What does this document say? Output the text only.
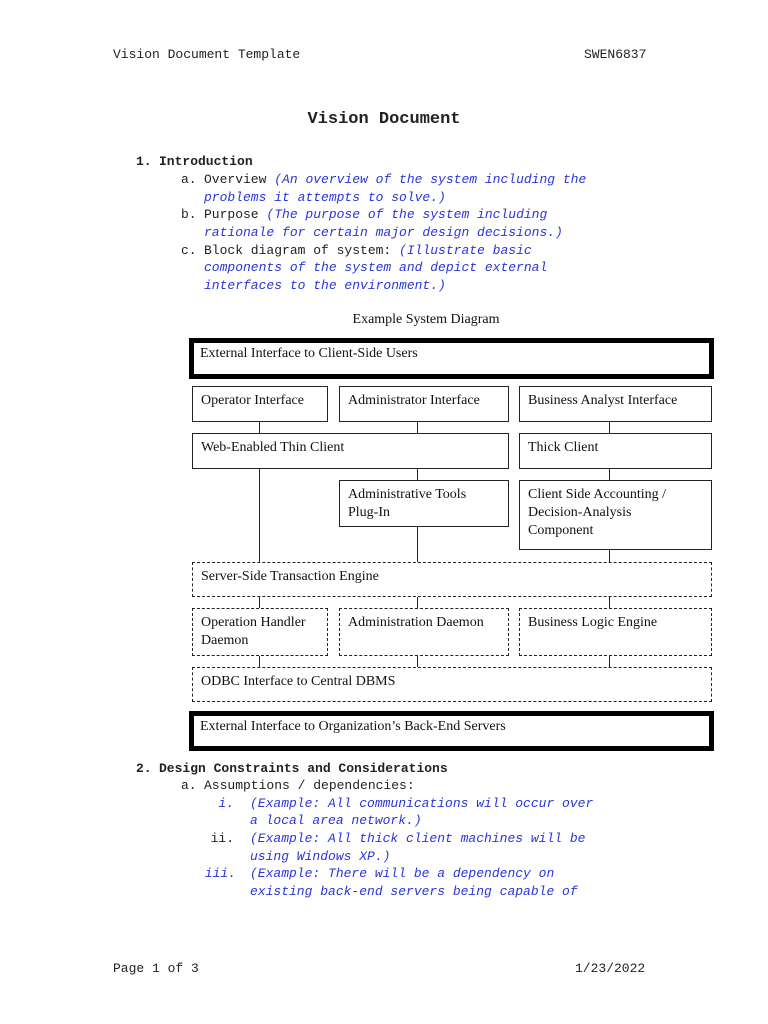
Vision Document Template	SWEN6837
Vision Document
1. Introduction
a. Overview (An overview of the system including the
problems it attempts to solve.)
b. Purpose (The purpose of the system including
rationale for certain major design decisions.)
c. Block diagram of system: (Illustrate basic
components of the system and depict external
interfaces to the environment.)
Example System Diagram
External Interface to Client-Side Users
Operator Interface	Administrator Interface	Business Analyst Interface
Web-Enabled Thin Client	Thick Client
Administrative Tools
Plug-In
Client Side Accounting /
Decision-Analysis
Component
Server-Side Transaction Engine
Operation Handler
Daemon
Administration Daemon	Business Logic Engine
ODBC Interface to Central DBMS
External Interface to Organization’s Back-End Servers
2. Design Constraints and Considerations
a. Assumptions / dependencies:
i. (Example: All communications will occur over
a local area network.)
ii. (Example: All thick client machines will be
using Windows XP.)
iii. (Example: There will be a dependency on
existing back-end servers being capable of
Page 1 of 3	1/23/2022
